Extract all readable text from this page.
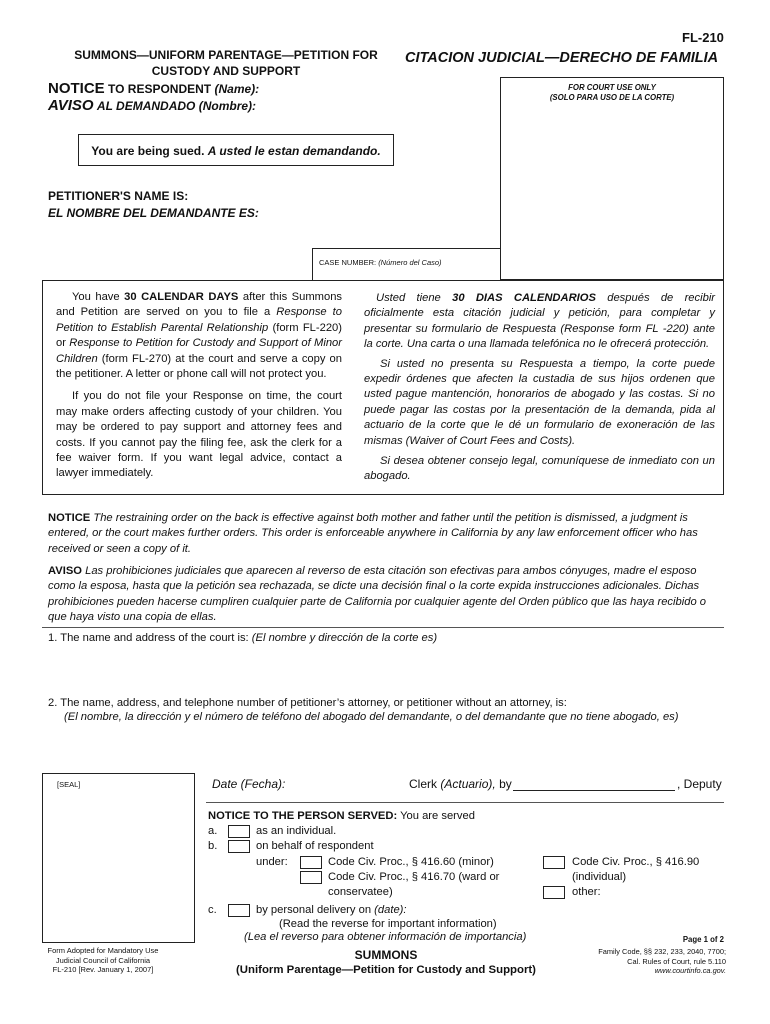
FL-210
SUMMONS—UNIFORM PARENTAGE—PETITION FOR
CUSTODY AND SUPPORT
CITACION JUDICIAL—DERECHO DE FAMILIA
NOTICE TO RESPONDENT (Name):
AVISO AL DEMANDADO (Nombre):
FOR COURT USE ONLY
(SOLO PARA USO DE LA CORTE)
You are being sued. A usted le estan demandando.
PETITIONER'S NAME IS:
EL NOMBRE DEL DEMANDANTE ES:
CASE NUMBER: (Número del Caso)
You have 30 CALENDAR DAYS after this Summons and Petition are served on you to file a Response to Petition to Establish Parental Relationship (form FL-220) or Response to Petition for Custody and Support of Minor Children (form FL-270) at the court and serve a copy on the petitioner. A letter or phone call will not protect you.
If you do not file your Response on time, the court may make orders affecting custody of your children. You may be ordered to pay support and attorney fees and costs. If you cannot pay the filing fee, ask the clerk for a fee waiver form. If you want legal advice, contact a lawyer immediately.
Usted tiene 30 DIAS CALENDARIOS después de recibir oficialmente esta citación judicial y petición, para completar y presentar su formulario de Respuesta (Response form FL -220) ante la corte. Una carta o una llamada telefónica no le ofrecerá protección.
Si usted no presenta su Respuesta a tiempo, la corte puede expedir órdenes que afecten la custadia de sus hijos ordenen que usted pague mantención, honorarios de abogado y las costas. Si no puede pagar las costas por la presentación de la demanda, pida al actuario de la corte que le dé un formulario de exoneración de las mismas (Waiver of Court Fees and Costs).
Si desea obtener consejo legal, comuníquese de inmediato con un abogado.
NOTICE The restraining order on the back is effective against both mother and father until the petition is dismissed, a judgment is entered, or the court makes further orders. This order is enforceable anywhere in California by any law enforcement officer who has received or seen a copy of it.
AVISO Las prohibiciones judiciales que aparecen al reverso de esta citación son efectivas para ambos cónyuges, madre el esposo como la esposa, hasta que la petición sea rechazada, se dicte una decisión final o la corte expida instrucciones adicionales. Dichas prohibiciones pueden hacerse cumpliren cualquier parte de California por cualquier agente del Orden público que las haya recibido o que haya visto una copia de ellas.
1. The name and address of the court is: (El nombre y dirección de la corte es)
2. The name, address, and telephone number of petitioner’s attorney, or petitioner without an attorney, is:
(El nombre, la dirección y el número de teléfono del abogado del demandante, o del demandante que no tiene abogado, es)
[SEAL]	Date (Fecha):	Clerk (Actuario), by	, Deputy
NOTICE TO THE PERSON SERVED: You are served
a.	as an individual.
b.	on behalf of respondent
under:	Code Civ. Proc., § 416.60 (minor)
Code Civ. Proc., § 416.70 (ward or
conservatee)
Code Civ. Proc., § 416.90
(individual)
other:
c.	by personal delivery on (date):
(Read the reverse for important information)
(Lea el reverso para obtener información de importancia)
Form Adopted for Mandatory Use
Judicial Council of California
FL-210 [Rev. January 1, 2007]
SUMMONS
(Uniform Parentage—Petition for Custody and Support)
Page 1 of 2
Family Code, §§ 232, 233, 2040, 7700;
Cal. Rules of Court, rule 5.110
www.courtinfo.ca.gov.
